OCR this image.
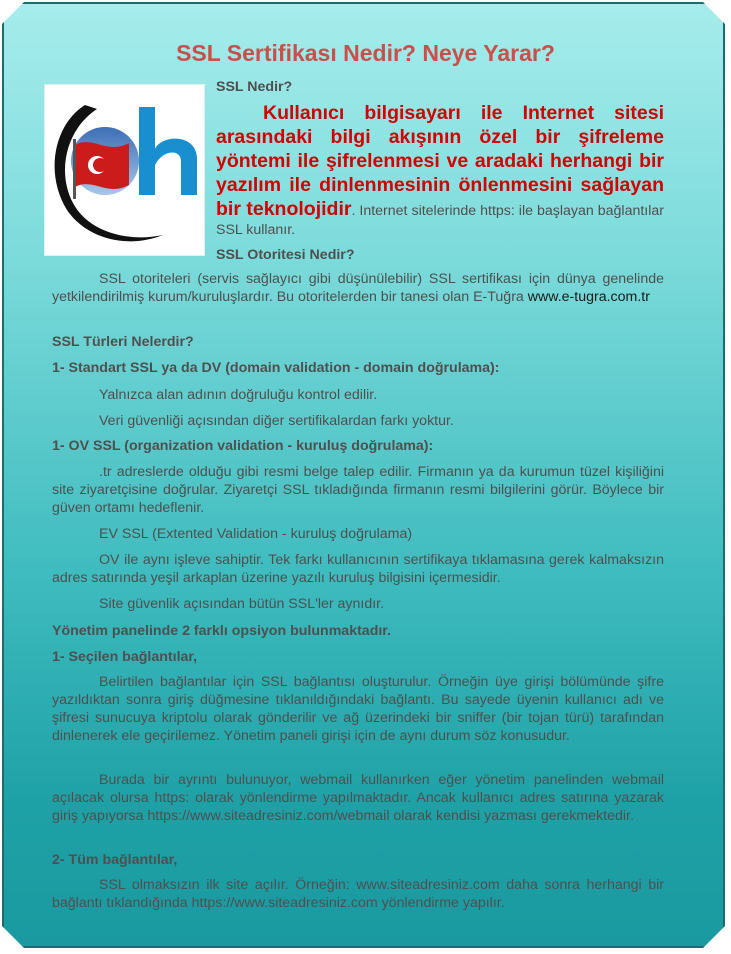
SSL Sertifikası Nedir? Neye Yarar?
SSL Nedir?
Kullanıcı bilgisayarı ile Internet sitesi arasındaki bilgi akışının özel bir şifreleme yöntemi ile şifrelenmesi ve aradaki herhangi bir yazılım ile dinlenmesinin önlenmesini sağlayan bir teknolojidir. Internet sitelerinde https: ile başlayan bağlantılar SSL kullanır.
SSL Otoritesi Nedir?
SSL otoriteleri (servis sağlayıcı gibi düşünülebilir) SSL sertifikası için dünya genelinde yetkilendirilmiş kurum/kuruluşlardır. Bu otoritelerden bir tanesi olan E-Tuğra www.e-tugra.com.tr
SSL Türleri Nelerdir?
1- Standart SSL ya da DV (domain validation - domain doğrulama):
Yalnızca alan adının doğruluğu kontrol edilir.
Veri güvenliği açısından diğer sertifikalardan farkı yoktur.
1- OV SSL (organization validation - kuruluş doğrulama):
.tr adreslerde olduğu gibi resmi belge talep edilir. Firmanın ya da kurumun tüzel kişiliğini site ziyaretçisine doğrular. Ziyaretçi SSL tıkladığında firmanın resmi bilgilerini görür. Böylece bir güven ortamı hedeflenir.
EV SSL (Extented Validation - kuruluş doğrulama)
OV ile aynı işleve sahiptir. Tek farkı kullanıcının sertifikaya tıklamasına gerek kalmaksızın adres satırında yeşil arkaplan üzerine yazılı kuruluş bilgisini içermesidir.
Site güvenlik açısından bütün SSL'ler aynıdır.
Yönetim panelinde 2 farklı opsiyon bulunmaktadır.
1- Seçilen bağlantılar,
Belirtilen bağlantılar için SSL bağlantısı oluşturulur. Örneğin üye girişi bölümünde şifre yazıldıktan sonra giriş düğmesine tıklanıldığındaki bağlantı. Bu sayede üyenin kullanıcı adı ve şifresi sunucuya kriptolu olarak gönderilir ve ağ üzerindeki bir sniffer (bir tojan türü) tarafından dinlenerek ele geçirilemez. Yönetim paneli girişi için de aynı durum söz konusudur.
Burada bir ayrıntı bulunuyor, webmail kullanırken eğer yönetim panelinden webmail açılacak olursa https: olarak yönlendirme yapılmaktadır. Ancak kullanıcı adres satırına yazarak giriş yapıyorsa https://www.siteadresiniz.com/webmail olarak kendisi yazması gerekmektedir.
2- Tüm bağlantılar,
SSL olmaksızın ilk site açılır. Örneğin: www.siteadresiniz.com daha sonra herhangi bir bağlantı tıklandığında https://www.siteadresiniz.com yönlendirme yapılır.
